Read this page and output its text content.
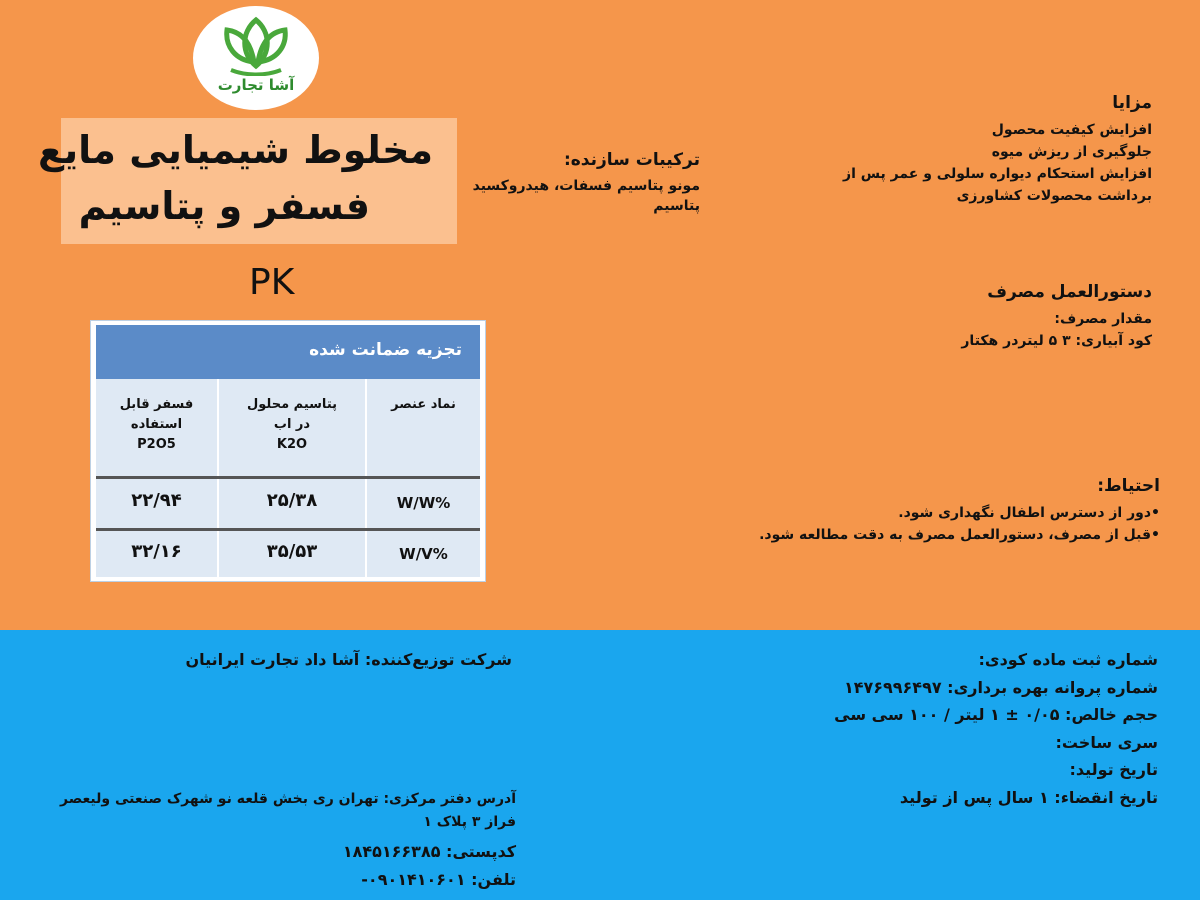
آشا تجارت
مخلوط شیمیایی مایع
فسفر و پتاسیم
PK
تجزیه ضمانت شده
نماد عنصر
پتاسیم محلول
در اب
K2O
فسفر قابل
استفاده
P2O5
W/W%
۲۵/۳۸
۲۲/۹۴
W/V%
۳۵/۵۳
۳۲/۱۶
ترکیبات سازنده:
مونو پتاسیم فسفات، هیدروکسید
پتاسیم
مزایا
افزایش کیفیت محصول
جلوگیری از ریزش میوه
افزایش استحکام دیواره سلولی و عمر پس از
برداشت محصولات کشاورزی
دستورالعمل مصرف
مقدار مصرف:
کود آبیاری: ۳ ۵ لیتردر هکتار
احتیاط:
•دور از دسترس اطفال نگهداری شود.
•قبل از مصرف، دستورالعمل مصرف به دقت مطالعه شود.
شماره ثبت ماده کودی:
شماره پروانه بهره برداری: ۱۴۷۶۹۹۶۴۹۷
حجم خالص: ۰/۰۵ ± ۱ لیتر / ۱۰۰ سی سی
سری ساخت:
تاریخ تولید:
تاریخ انقضاء: ۱ سال پس از تولید
شرکت توزیع‌کننده: آشا داد تجارت ایرانیان
آدرس دفتر مرکزی: تهران ری بخش قلعه نو شهرک صنعتی ولیعصر
فراز ۳ پلاک ۱
کدپستی: ۱۸۴۵۱۶۶۳۸۵
تلفن: ۰۹۰۱۴۱۰۶۰۱-
